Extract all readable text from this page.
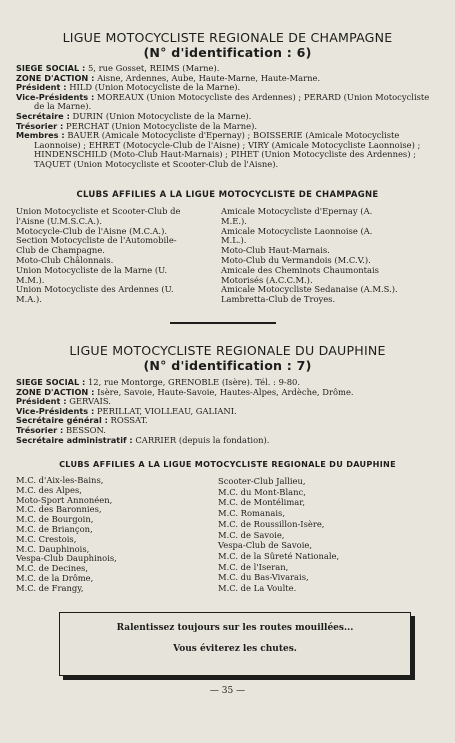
LIGUE MOTOCYCLISTE REGIONALE DE CHAMPAGNE
(N° d'identification : 6)
SIEGE SOCIAL : 5, rue Gosset, REIMS (Marne).
ZONE D'ACTION : Aisne, Ardennes, Aube, Haute-Marne, Haute-Marne.
Président : HILD (Union Motocycliste de la Marne).
Vice-Présidents : MOREAUX (Union Motocycliste des Ardennes) ; PERARD (Union Motocycliste de la Marne).
Secrétaire : DURIN (Union Motocycliste de la Marne).
Trésorier : PERCHAT (Union Motocycliste de la Marne).
Membres : BAUER (Amicale Motocycliste d'Epernay) ; BOISSERIE (Amicale Motocycliste Laonnoise) ; EHRET (Motocycle-Club de l'Aisne) ; VIRY (Amicale Motocycliste Laonnoise) ; HINDENSCHILD (Moto-Club Haut-Marnais) ; PIHET (Union Motocycliste des Ardennes) ; TAQUET (Union Motocycliste et Scooter-Club de l'Aisne).
CLUBS AFFILIES A LA LIGUE MOTOCYCLISTE DE CHAMPAGNE
Union Motocycliste et Scooter-Club de
l'Aisne (U.M.S.C.A.).
Motocycle-Club de l'Aisne (M.C.A.).
Section Motocycliste de l'Automobile-
Club de Champagne.
Moto-Club Châlonnais.
Union Motocycliste de la Marne (U.
M.M.).
Union Motocycliste des Ardennes (U.
M.A.).
Amicale Motocycliste d'Epernay (A.
M.E.).
Amicale Motocycliste Laonnoise (A.
M.L.).
Moto-Club Haut-Marnais.
Moto-Club du Vermandois (M.C.V.).
Amicale des Cheminots Chaumontais
Motorisés (A.C.C.M.).
Amicale Motocycliste Sedanaise (A.M.S.).
Lambretta-Club de Troyes.
LIGUE MOTOCYCLISTE REGIONALE DU DAUPHINE
(N° d'identification : 7)
SIEGE SOCIAL : 12, rue Montorge, GRENOBLE (Isère). Tél. : 9-80.
ZONE D'ACTION : Isère, Savoie, Haute-Savoie, Hautes-Alpes, Ardèche, Drôme.
Président : GERVAIS.
Vice-Présidents : PERILLAT, VIOLLEAU, GALIANI.
Secrétaire général : ROSSAT.
Trésorier : BESSON.
Secrétaire administratif : CARRIER (depuis la fondation).
CLUBS AFFILIES A LA LIGUE MOTOCYCLISTE REGIONALE DU DAUPHINE
M.C. d'Aix-les-Bains,
M.C. des Alpes,
Moto-Sport Annonéen,
M.C. des Baronnies,
M.C. de Bourgoin,
M.C. de Briançon,
M.C. Crestois,
M.C. Dauphinois,
Vespa-Club Dauphinois,
M.C. de Decines,
M.C. de la Drôme,
M.C. de Frangy,
Scooter-Club Jallieu,
M.C. du Mont-Blanc,
M.C. de Montélimar,
M.C. Romanais,
M.C. de Roussillon-Isère,
M.C. de Savoie,
Vespa-Club de Savoie,
M.C. de la Sûreté Nationale,
M.C. de l'Iseran,
M.C. du Bas-Vivarais,
M.C. de La Voulte.
Ralentissez toujours sur les routes mouillées...
Vous éviterez les chutes.
— 35 —
